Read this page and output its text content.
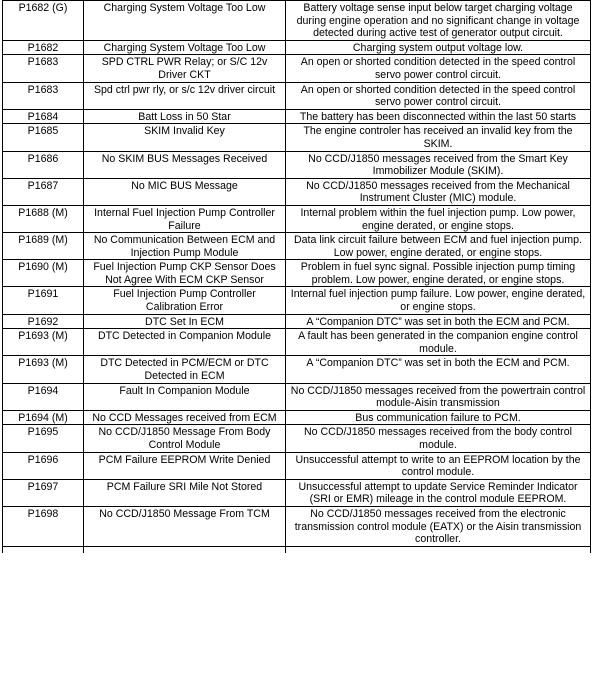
P1682 (G)	Charging System Voltage Too Low	Battery voltage sense input below target charging voltage during engine operation and no significant change in voltage detected during active test of generator output circuit.
P1682	Charging System Voltage Too Low	Charging system output voltage low.
P1683	SPD CTRL PWR Relay; or S/C 12v Driver CKT	An open or shorted condition detected in the speed control servo power control circuit.
P1683	Spd ctrl pwr rly, or s/c 12v driver circuit	An open or shorted condition detected in the speed control servo power control circuit.
P1684	Batt Loss in 50 Star	The battery has been disconnected within the last 50 starts
P1685	SKIM Invalid Key	The engine controler has received an invalid key from the SKIM.
P1686	No SKIM BUS Messages Received	No CCD/J1850 messages received from the Smart Key Immobilizer Module (SKIM).
P1687	No MIC BUS Message	No CCD/J1850 messages received from the Mechanical Instrument Cluster (MIC) module.
P1688 (M)	Internal Fuel Injection Pump Controller Failure	Internal problem within the fuel injection pump. Low power, engine derated, or engine stops.
P1689 (M)	No Communication Between ECM and Injection Pump Module	Data link circuit failure between ECM and fuel injection pump. Low power, engine derated, or engine stops.
P1690 (M)	Fuel Injection Pump CKP Sensor Does Not Agree With ECM CKP Sensor	Problem in fuel sync signal. Possible injection pump timing problem. Low power, engine derated, or engine stops.
P1691	Fuel Injection Pump Controller Calibration Error	Internal fuel injection pump failure. Low power, engine derated, or engine stops.
P1692	DTC Set In ECM	A “Companion DTC” was set in both the ECM and PCM.
P1693 (M)	DTC Detected in Companion Module	A fault has been generated in the companion engine control module.
P1693 (M)	DTC Detected in PCM/ECM or DTC Detected in ECM	A “Companion DTC” was set in both the ECM and PCM.
P1694	Fault In Companion Module	No CCD/J1850 messages received from the powertrain control module-Aisin transmission
P1694 (M)	No CCD Messages received from ECM	Bus communication failure to PCM.
P1695	No CCD/J1850 Message From Body Control Module	No CCD/J1850 messages received from the body control module.
P1696	PCM Failure EEPROM Write Denied	Unsuccessful attempt to write to an EEPROM location by the control module.
P1697	PCM Failure SRI Mile Not Stored	Unsuccessful attempt to update Service Reminder Indicator (SRI or EMR) mileage in the control module EEPROM.
P1698	No CCD/J1850 Message From TCM	No CCD/J1850 messages received from the electronic transmission control module (EATX) or the Aisin transmission controller.
